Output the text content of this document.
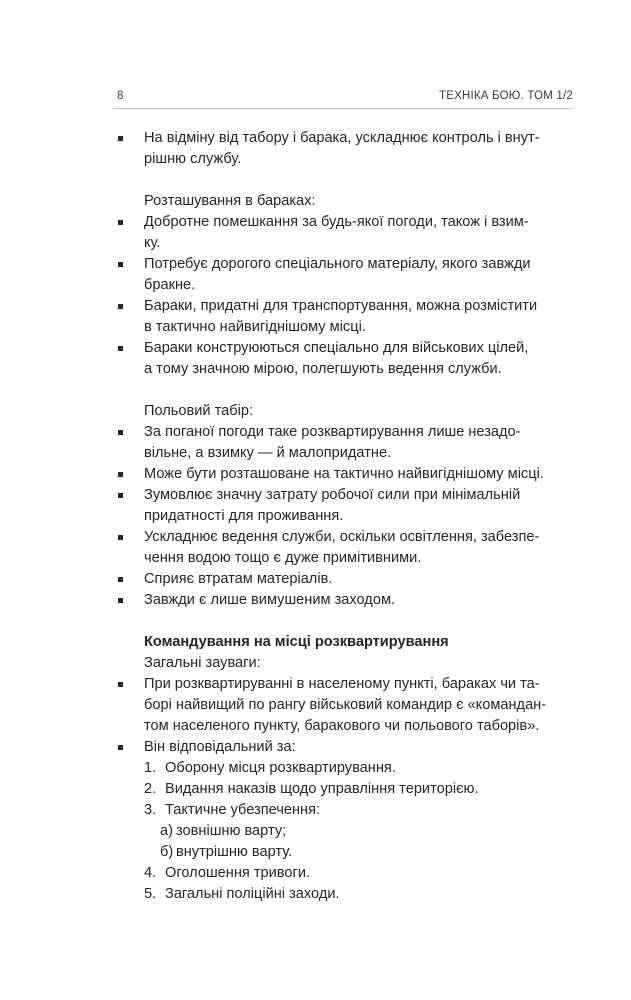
8	ТЕХНІКА БОЮ. ТОМ 1/2
На відміну від табору і барака, ускладнює контроль і внут-
рішню службу.
Розташування в бараках:
Добротне помешкання за будь-якої погоди, також і взим-
ку.
Потребує дорогого спеціального матеріалу, якого завжди
бракне.
Бараки, придатні для транспортування, можна розмістити
в тактично найвигіднішому місці.
Бараки конструюються спеціально для військових цілей,
а тому значною мірою, полегшують ведення служби.
Польовий табір:
За поганої погоди таке розквартирування лише незадо-
вільне, а взимку — й малопридатне.
Може бути розташоване на тактично найвигіднішому місці.
Зумовлює значну затрату робочої сили при мінімальній
придатності для проживання.
Ускладнює ведення служби, оскільки освітлення, забезпе-
чення водою тощо є дуже примітивними.
Сприяє втратам матеріалів.
Завжди є лише вимушеним заходом.
Командування на місці розквартирування
Загальні зауваги:
При розквартируванні в населеному пункті, бараках чи та-
борі найвищий по рангу військовий командир є «командан-
том населеного пункту, баракового чи польового таборів».
Він відповідальний за:
1. Оборону місця розквартирування.
2. Видання наказів щодо управління територією.
3. Тактичне убезпечення:
а) зовнішню варту;
б) внутрішню варту.
4. Оголошення тривоги.
5. Загальні поліційні заходи.
